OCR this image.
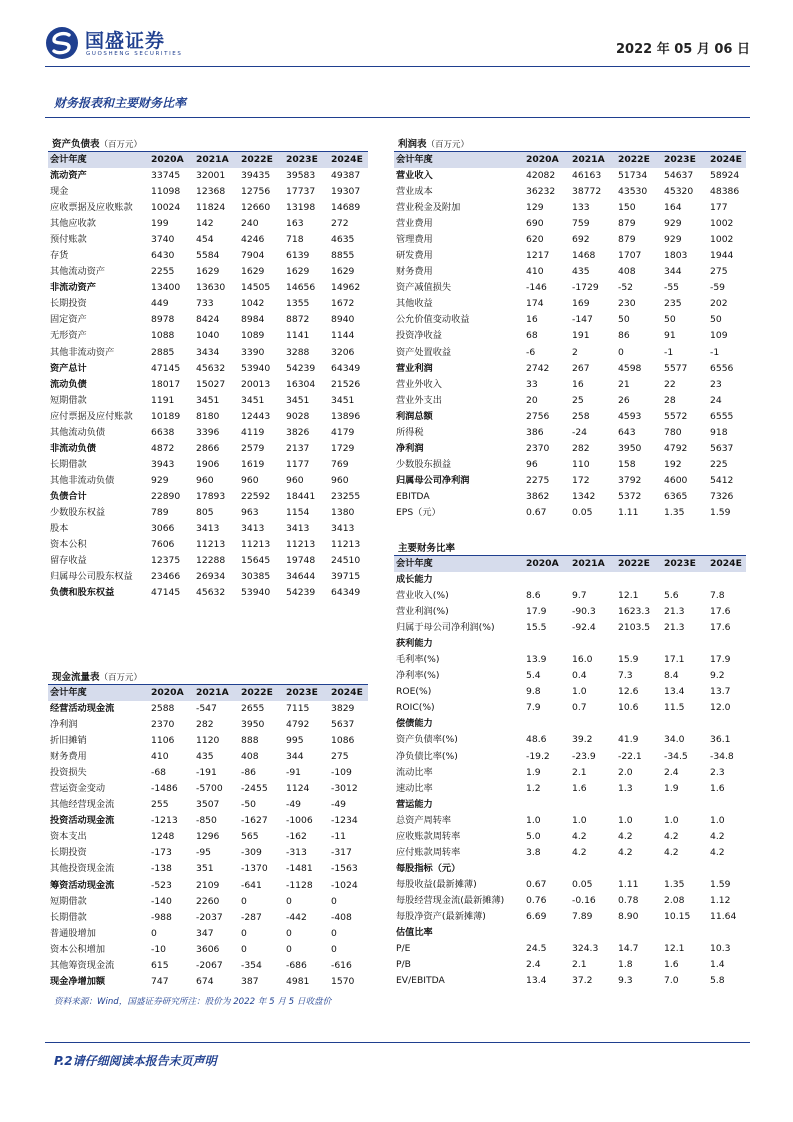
国盛证券
GUOSHENG SECURITIES	2022 年 05 月 06 日
财务报表和主要财务比率
资产负债表（百万元）
会计年度	2020A	2021A	2022E	2023E	2024E
流动资产	33745	32001	39435	39583	49387
现金	11098	12368	12756	17737	19307
应收票据及应收账款	10024	11824	12660	13198	14689
其他应收款	199	142	240	163	272
预付账款	3740	454	4246	718	4635
存货	6430	5584	7904	6139	8855
其他流动资产	2255	1629	1629	1629	1629
非流动资产	13400	13630	14505	14656	14962
长期投资	449	733	1042	1355	1672
固定资产	8978	8424	8984	8872	8940
无形资产	1088	1040	1089	1141	1144
其他非流动资产	2885	3434	3390	3288	3206
资产总计	47145	45632	53940	54239	64349
流动负债	18017	15027	20013	16304	21526
短期借款	1191	3451	3451	3451	3451
应付票据及应付账款	10189	8180	12443	9028	13896
其他流动负债	6638	3396	4119	3826	4179
非流动负债	4872	2866	2579	2137	1729
长期借款	3943	1906	1619	1177	769
其他非流动负债	929	960	960	960	960
负债合计	22890	17893	22592	18441	23255
少数股东权益	789	805	963	1154	1380
股本	3066	3413	3413	3413	3413
资本公积	7606	11213	11213	11213	11213
留存收益	12375	12288	15645	19748	24510
归属母公司股东权益	23466	26934	30385	34644	39715
负债和股东权益	47145	45632	53940	54239	64349
现金流量表（百万元）
会计年度	2020A	2021A	2022E	2023E	2024E
经营活动现金流	2588	-547	2655	7115	3829
净利润	2370	282	3950	4792	5637
折旧摊销	1106	1120	888	995	1086
财务费用	410	435	408	344	275
投资损失	-68	-191	-86	-91	-109
营运资金变动	-1486	-5700	-2455	1124	-3012
其他经营现金流	255	3507	-50	-49	-49
投资活动现金流	-1213	-850	-1627	-1006	-1234
资本支出	1248	1296	565	-162	-11
长期投资	-173	-95	-309	-313	-317
其他投资现金流	-138	351	-1370	-1481	-1563
筹资活动现金流	-523	2109	-641	-1128	-1024
短期借款	-140	2260	0	0	0
长期借款	-988	-2037	-287	-442	-408
普通股增加	0	347	0	0	0
资本公积增加	-10	3606	0	0	0
其他筹资现金流	615	-2067	-354	-686	-616
现金净增加额	747	674	387	4981	1570
利润表（百万元）
会计年度	2020A	2021A	2022E	2023E	2024E
营业收入	42082	46163	51734	54637	58924
营业成本	36232	38772	43530	45320	48386
营业税金及附加	129	133	150	164	177
营业费用	690	759	879	929	1002
管理费用	620	692	879	929	1002
研发费用	1217	1468	1707	1803	1944
财务费用	410	435	408	344	275
资产减值损失	-146	-1729	-52	-55	-59
其他收益	174	169	230	235	202
公允价值变动收益	16	-147	50	50	50
投资净收益	68	191	86	91	109
资产处置收益	-6	2	0	-1	-1
营业利润	2742	267	4598	5577	6556
营业外收入	33	16	21	22	23
营业外支出	20	25	26	28	24
利润总额	2756	258	4593	5572	6555
所得税	386	-24	643	780	918
净利润	2370	282	3950	4792	5637
少数股东损益	96	110	158	192	225
归属母公司净利润	2275	172	3792	4600	5412
EBITDA	3862	1342	5372	6365	7326
EPS（元）	0.67	0.05	1.11	1.35	1.59
主要财务比率
会计年度	2020A	2021A	2022E	2023E	2024E
成长能力					
营业收入(%)	8.6	9.7	12.1	5.6	7.8
营业利润(%)	17.9	-90.3	1623.3	21.3	17.6
归属于母公司净利润(%)	15.5	-92.4	2103.5	21.3	17.6
获利能力					
毛利率(%)	13.9	16.0	15.9	17.1	17.9
净利率(%)	5.4	0.4	7.3	8.4	9.2
ROE(%)	9.8	1.0	12.6	13.4	13.7
ROIC(%)	7.9	0.7	10.6	11.5	12.0
偿债能力					
资产负债率(%)	48.6	39.2	41.9	34.0	36.1
净负债比率(%)	-19.2	-23.9	-22.1	-34.5	-34.8
流动比率	1.9	2.1	2.0	2.4	2.3
速动比率	1.2	1.6	1.3	1.9	1.6
营运能力					
总资产周转率	1.0	1.0	1.0	1.0	1.0
应收账款周转率	5.0	4.2	4.2	4.2	4.2
应付账款周转率	3.8	4.2	4.2	4.2	4.2
每股指标（元）					
每股收益(最新摊薄)	0.67	0.05	1.11	1.35	1.59
每股经营现金流(最新摊薄)	0.76	-0.16	0.78	2.08	1.12
每股净资产(最新摊薄)	6.69	7.89	8.90	10.15	11.64
估值比率					
P/E	24.5	324.3	14.7	12.1	10.3
P/B	2.4	2.1	1.8	1.6	1.4
EV/EBITDA	13.4	37.2	9.3	7.0	5.8
资料来源：Wind，国盛证券研究所注：股价为 2022 年 5 月 5 日收盘价
P.2请仔细阅读本报告末页声明
